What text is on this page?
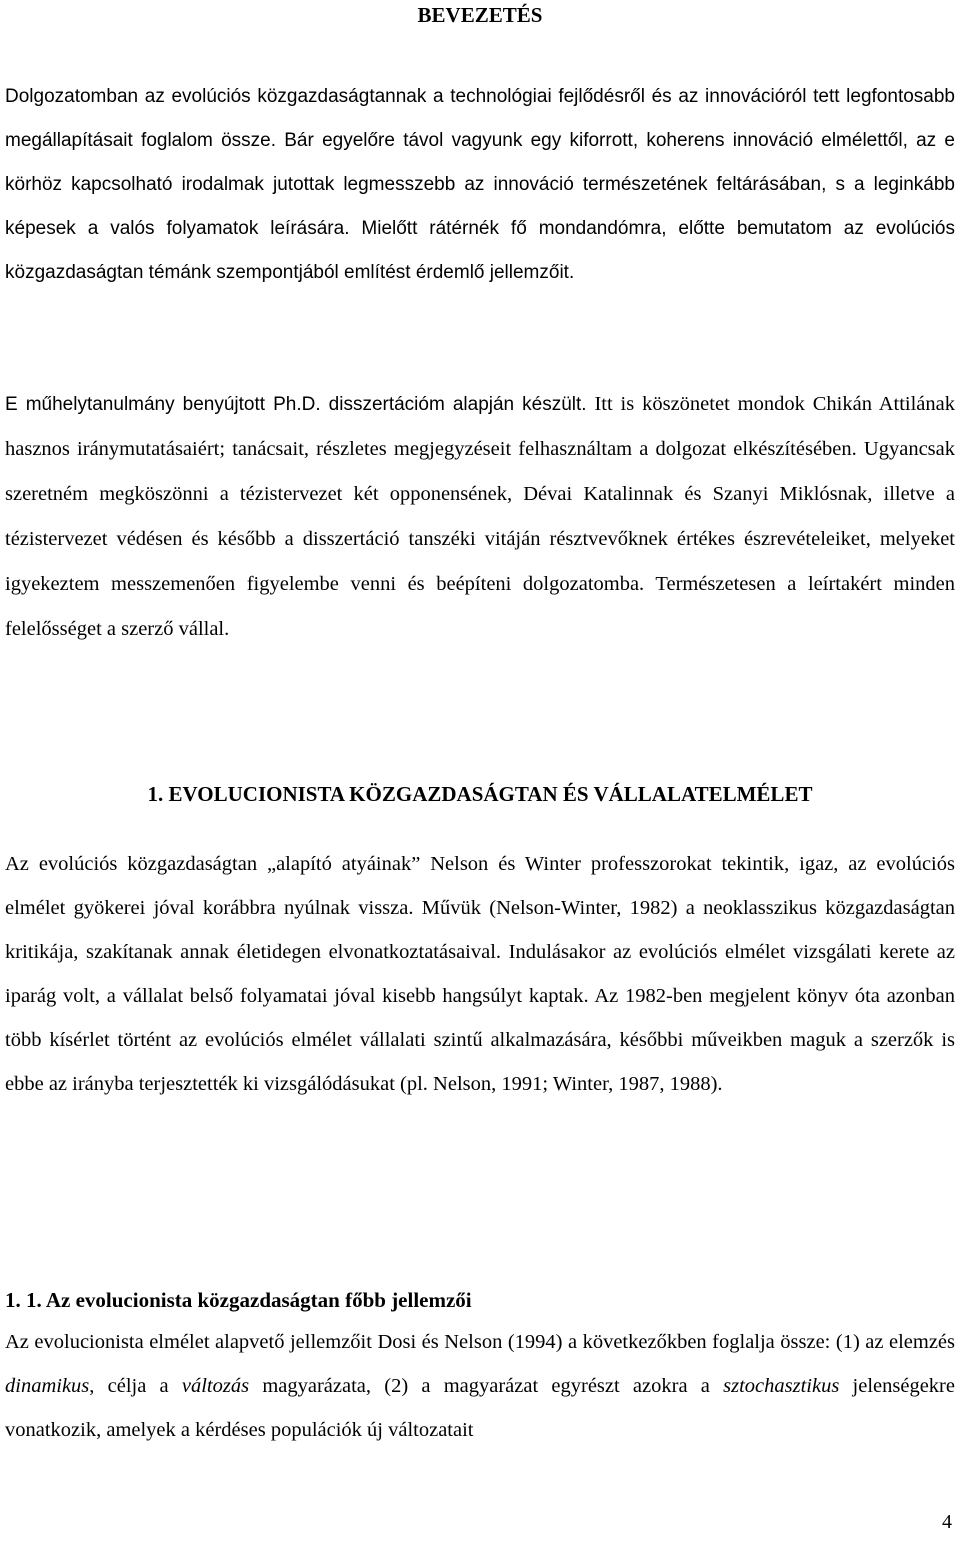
BEVEZETÉS

Dolgozatomban az evolúciós közgazdaságtannak a technológiai fejlődésről és az innovációról tett legfontosabb megállapításait foglalom össze. Bár egyelőre távol vagyunk egy kiforrott, koherens innováció elmélettől, az e körhöz kapcsolható irodalmak jutottak legmesszebb az innováció természetének feltárásában, s a leginkább képesek a valós folyamatok leírására. Mielőtt rátérnék fő mondandómra, előtte bemutatom az evolúciós közgazdaságtan témánk szempontjából említést érdemlő jellemzőit.

E műhelytanulmány benyújtott Ph.D. disszertációm alapján készült. Itt is köszönetet mondok Chikán Attilának hasznos iránymutatásaiért; tanácsait, részletes megjegyzéseit felhasználtam a dolgozat elkészítésében. Ugyancsak szeretném megköszönni a tézistervezet két opponensének, Dévai Katalinnak és Szanyi Miklósnak, illetve a tézistervezet védésen és később a disszertáció tanszéki vitáján résztvevőknek értékes észrevételeiket, melyeket igyekeztem messzemenően figyelembe venni és beépíteni dolgozatomba. Természetesen a leírtakért minden felelősséget a szerző vállal.

1. EVOLUCIONISTA KÖZGAZDASÁGTAN ÉS VÁLLALATELMÉLET

Az evolúciós közgazdaságtan „alapító atyáinak” Nelson és Winter professzorokat tekintik, igaz, az evolúciós elmélet gyökerei jóval korábbra nyúlnak vissza. Művük (Nelson-Winter, 1982) a neoklasszikus közgazdaságtan kritikája, szakítanak annak életidegen elvonatkoztatásaival. Indulásakor az evolúciós elmélet vizsgálati kerete az iparág volt, a vállalat belső folyamatai jóval kisebb hangsúlyt kaptak. Az 1982-ben megjelent könyv óta azonban több kísérlet történt az evolúciós elmélet vállalati szintű alkalmazására, későbbi műveikben maguk a szerzők is ebbe az irányba terjesztették ki vizsgálódásukat (pl. Nelson, 1991; Winter, 1987, 1988).

1. 1. Az evolucionista közgazdaságtan főbb jellemzői

Az evolucionista elmélet alapvető jellemzőit Dosi és Nelson (1994) a következőkben foglalja össze: (1) az elemzés dinamikus, célja a változás magyarázata, (2) a magyarázat egyrészt azokra a sztochasztikus jelenségekre vonatkozik, amelyek a kérdéses populációk új változatait

4
